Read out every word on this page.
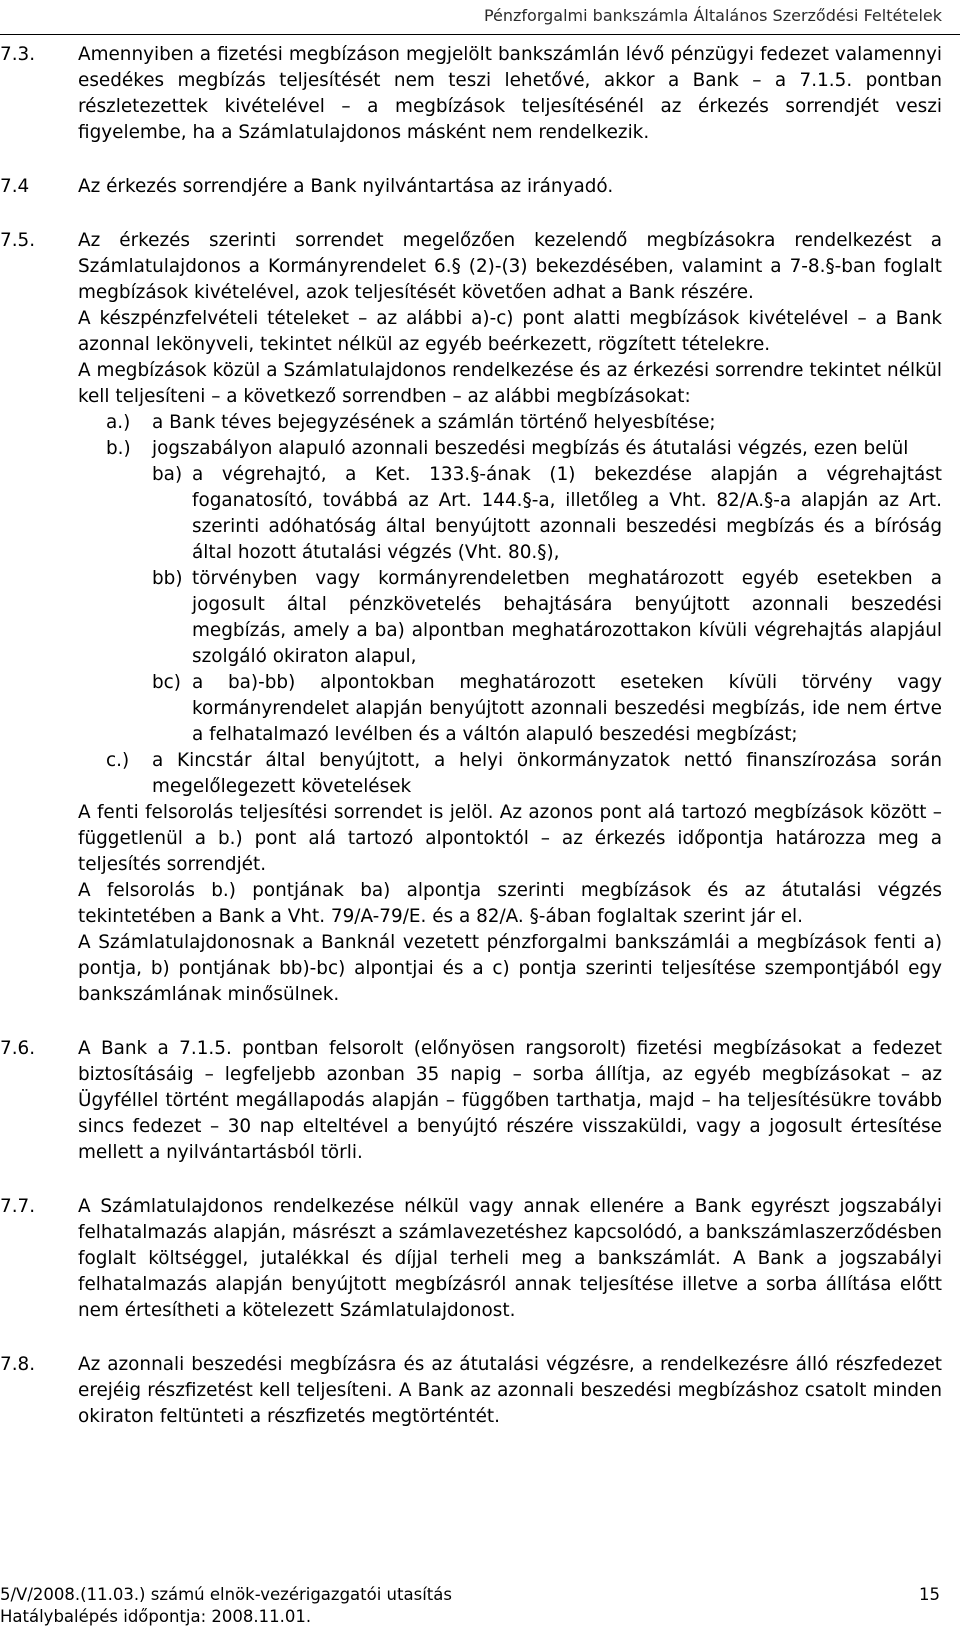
Pénzforgalmi bankszámla Általános Szerződési Feltételek
7.3. Amennyiben a fizetési megbízáson megjelölt bankszámlán lévő pénzügyi fedezet valamennyi esedékes megbízás teljesítését nem teszi lehetővé, akkor a Bank – a 7.1.5. pontban részletezettek kivételével – a megbízások teljesítésénél az érkezés sorrendjét veszi figyelembe, ha a Számlatulajdonos másként nem rendelkezik.

7.4	Az érkezés sorrendjére a Bank nyilvántartása az irányadó.

7.5. Az érkezés szerinti sorrendet megelőzően kezelendő megbízásokra rendelkezést a Számlatulajdonos a Kormányrendelet 6.§ (2)-(3) bekezdésében, valamint a 7-8.§-ban foglalt megbízások kivételével, azok teljesítését követően adhat a Bank részére.

A készpénzfelvételi tételeket – az alábbi a)-c) pont alatti megbízások kivételével – a Bank azonnal lekönyveli, tekintet nélkül az egyéb beérkezett, rögzített tételekre.

A megbízások közül a Számlatulajdonos rendelkezése és az érkezési sorrendre tekintet nélkül kell teljesíteni – a következő sorrendben – az alábbi megbízásokat:

a.) a Bank téves bejegyzésének a számlán történő helyesbítése;
b.) jogszabályon alapuló azonnali beszedési megbízás és átutalási végzés, ezen belül
ba) a végrehajtó, a Ket. 133.§-ának (1) bekezdése alapján a végrehajtást foganatosító, továbbá az Art. 144.§-a, illetőleg a Vht. 82/A.§-a alapján az Art. szerinti adóhatóság által benyújtott azonnali beszedési megbízás és a bíróság által hozott átutalási végzés (Vht. 80.§),
bb) törvényben vagy kormányrendeletben meghatározott egyéb esetekben a jogosult által pénzkövetelés behajtására benyújtott azonnali beszedési megbízás, amely a ba) alpontban meghatározottakon kívüli végrehajtás alapjául szolgáló okiraton alapul,
bc) a ba)-bb) alpontokban meghatározott eseteken kívüli törvény vagy kormányrendelet alapján benyújtott azonnali beszedési megbízás, ide nem értve a felhatalmazó levélben és a váltón alapuló beszedési megbízást;
c.) a Kincstár által benyújtott, a helyi önkormányzatok nettó finanszírozása során megelőlegezett követelések

A fenti felsorolás teljesítési sorrendet is jelöl. Az azonos pont alá tartozó megbízások között – függetlenül a b.) pont alá tartozó alpontoktól – az érkezés időpontja határozza meg a teljesítés sorrendjét.

A felsorolás b.) pontjának ba) alpontja szerinti megbízások és az átutalási végzés tekintetében a Bank a Vht. 79/A-79/E. és a 82/A. §-ában foglaltak szerint jár el.

A Számlatulajdonosnak a Banknál vezetett pénzforgalmi bankszámlái a megbízások fenti a) pontja, b) pontjának bb)-bc) alpontjai és a c) pontja szerinti teljesítése szempontjából egy bankszámlának minősülnek.

7.6. A Bank a 7.1.5. pontban felsorolt (előnyösen rangsorolt) fizetési megbízásokat a fedezet biztosításáig – legfeljebb azonban 35 napig – sorba állítja, az egyéb megbízásokat – az Ügyféllel történt megállapodás alapján – függőben tarthatja, majd – ha teljesítésükre tovább sincs fedezet – 30 nap elteltével a benyújtó részére visszaküldi, vagy a jogosult értesítése mellett a nyilvántartásból törli.

7.7. A Számlatulajdonos rendelkezése nélkül vagy annak ellenére a Bank egyrészt jogszabályi felhatalmazás alapján, másrészt a számlavezetéshez kapcsolódó, a bankszámlaszerződésben foglalt költséggel, jutalékkal és díjjal terheli meg a bankszámlát. A Bank a jogszabályi felhatalmazás alapján benyújtott megbízásról annak teljesítése illetve a sorba állítása előtt nem értesítheti a kötelezett Számlatulajdonost.

7.8. Az azonnali beszedési megbízásra és az átutalási végzésre, a rendelkezésre álló részfedezet erejéig részfizetést kell teljesíteni. A Bank az azonnali beszedési megbízáshoz csatolt minden okiraton feltünteti a részfizetés megtörténtét.

5/V/2008.(11.03.) számú elnök-vezérigazgatói utasítás	15
Hatálybalépés időpontja: 2008.11.01.
